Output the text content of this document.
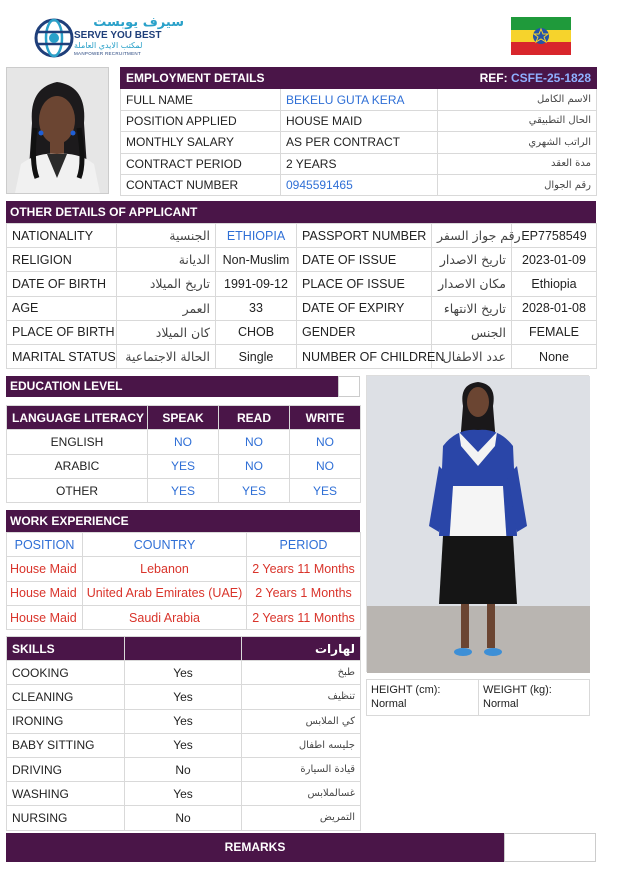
سيرف يوبست
SERVE YOU BEST
لمكتب الايدي العاملة
MANPOWER RECRUITMENT
EMPLOYMENT DETAILS	REF: CSFE-25-1828	
FULL NAME	BEKELU GUTA KERA	الاسم الكامل
POSITION APPLIED	HOUSE MAID	الحال التطبيقي
MONTHLY SALARY	AS PER CONTRACT	الراتب الشهري
CONTRACT PERIOD	2 YEARS	مدة العقد
CONTACT NUMBER	0945591465	رقم الجوال
OTHER DETAILS OF APPLICANT
NATIONALITY	الجنسية	ETHIOPIA	PASSPORT NUMBER	رقم جواز السفر	EP7758549
RELIGION	الديانة	Non-Muslim	DATE OF ISSUE	تاريخ الاصدار	2023-01-09
DATE OF BIRTH	تاريخ الميلاد	1991-09-12	PLACE OF ISSUE	مكان الاصدار	Ethiopia
AGE	العمر	33	DATE OF EXPIRY	تاريخ الانتهاء	2028-01-08
PLACE OF BIRTH	كان الميلاد	CHOB	GENDER	الجنس	FEMALE
MARITAL STATUS	الحالة الاجتماعية	Single	NUMBER OF CHILDREN	عدد الاطفال	None
EDUCATION LEVEL
LANGUAGE LITERACY	SPEAK	READ	WRITE
ENGLISH	NO	NO	NO
ARABIC	YES	NO	NO
OTHER	YES	YES	YES
WORK EXPERIENCE
POSITION	COUNTRY	PERIOD
House Maid	Lebanon	2 Years 11 Months
House Maid	United Arab Emirates (UAE)	2 Years 1 Months
House Maid	Saudi Arabia	2 Years 11 Months
SKILLS		لهارات
COOKING	Yes	طبخ
CLEANING	Yes	تنظيف
IRONING	Yes	كي الملابس
BABY SITTING	Yes	جليسه اطفال
DRIVING	No	قيادة السيارة
WASHING	Yes	غسالملابس
NURSING	No	التمريض
HEIGHT (cm):
Normal

WEIGHT (kg):
Normal
REMARKS
